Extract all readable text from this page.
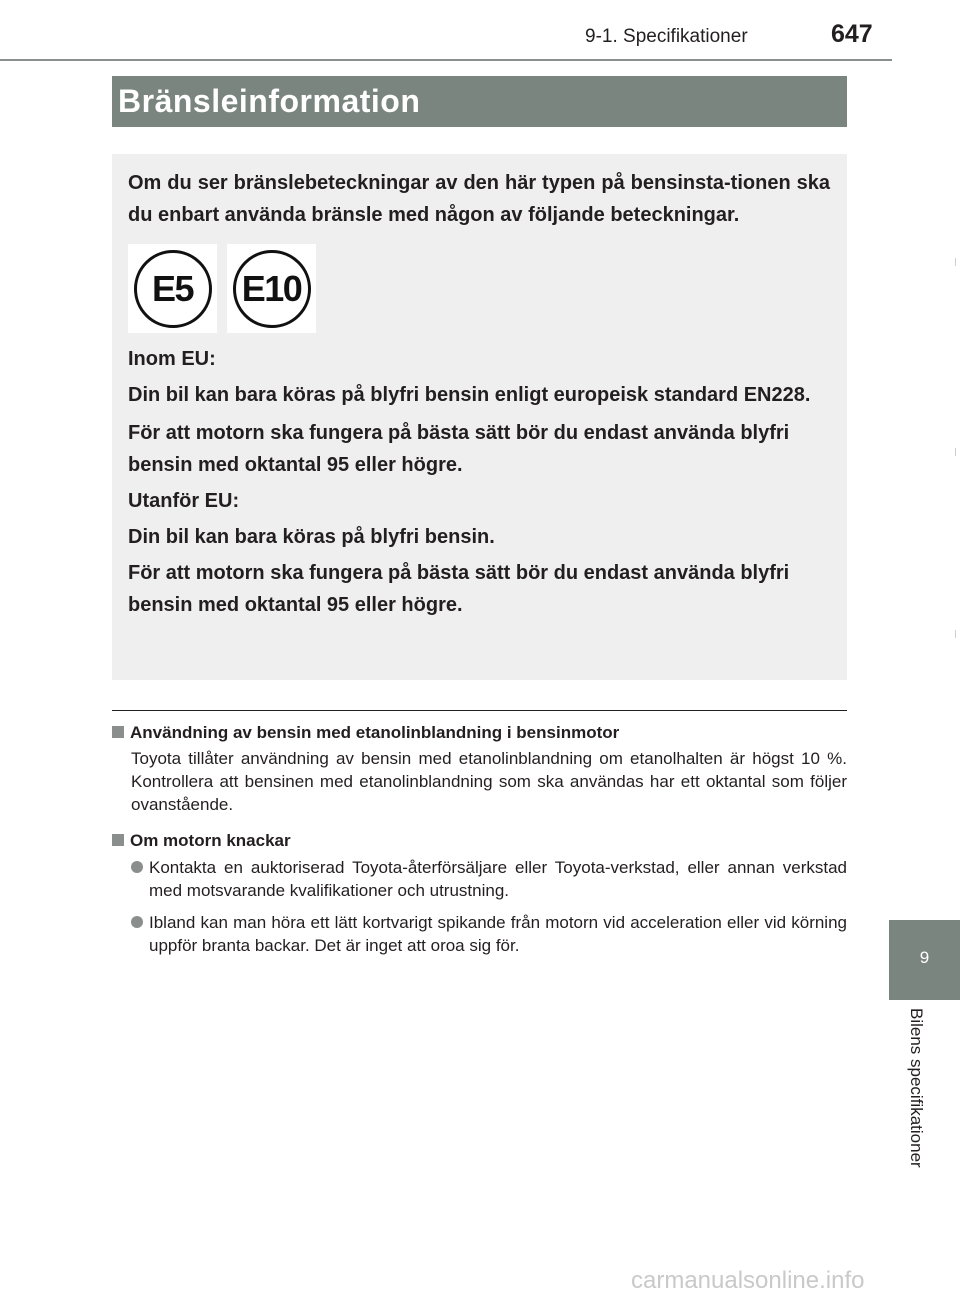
9-1. Specifikationer	647
Bränsleinformation

Om du ser bränslebeteckningar av den här typen på bensinsta-tionen ska du enbart använda bränsle med någon av följande beteckningar.

E5	E10

Inom EU:

Din bil kan bara köras på blyfri bensin enligt europeisk standard EN228.

För att motorn ska fungera på bästa sätt bör du endast använda blyfri bensin med oktantal 95 eller högre.

Utanför EU:

Din bil kan bara köras på blyfri bensin.

För att motorn ska fungera på bästa sätt bör du endast använda blyfri bensin med oktantal 95 eller högre.

Användning av bensin med etanolinblandning i bensinmotor
Toyota tillåter användning av bensin med etanolinblandning om etanolhalten är högst 10 %. Kontrollera att bensinen med etanolinblandning som ska användas har ett oktantal som följer ovanstående.
Om motorn knackar
Kontakta en auktoriserad Toyota-återförsäljare eller Toyota-verkstad, eller annan verkstad med motsvarande kvalifikationer och utrustning.
Ibland kan man höra ett lätt kortvarigt spikande från motorn vid acceleration eller vid körning uppför branta backar. Det är inget att oroa sig för.
9
Bilens specifikationer
carmanualsonline.info
